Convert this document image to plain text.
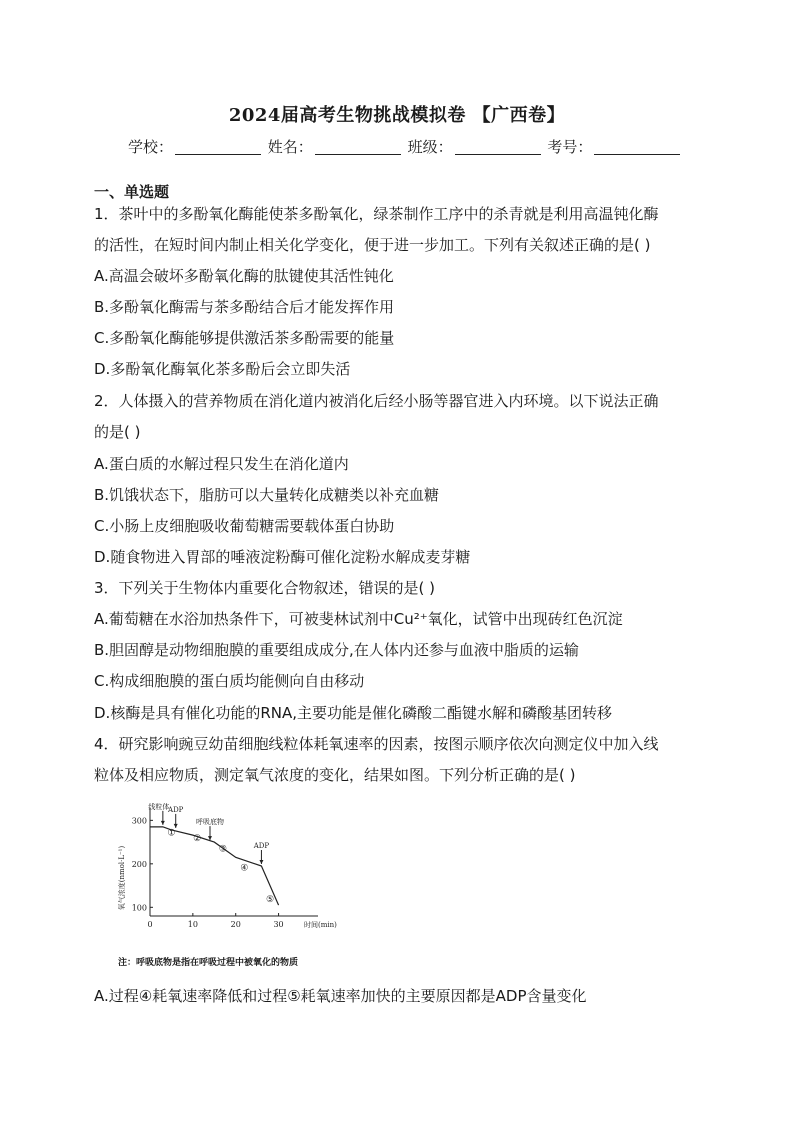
2024届高考生物挑战模拟卷 【广西卷】
学校：	姓名：	班级：	考号：
一、单选题
1．茶叶中的多酚氧化酶能使茶多酚氧化，绿茶制作工序中的杀青就是利用高温钝化酶
的活性，在短时间内制止相关化学变化，便于进一步加工。下列有关叙述正确的是( )
A.高温会破坏多酚氧化酶的肽键使其活性钝化
B.多酚氧化酶需与茶多酚结合后才能发挥作用
C.多酚氧化酶能够提供激活茶多酚需要的能量
D.多酚氧化酶氧化茶多酚后会立即失活
2．人体摄入的营养物质在消化道内被消化后经小肠等器官进入内环境。以下说法正确
的是( )
A.蛋白质的水解过程只发生在消化道内
B.饥饿状态下，脂肪可以大量转化成糖类以补充血糖
C.小肠上皮细胞吸收葡萄糖需要载体蛋白协助
D.随食物进入胃部的唾液淀粉酶可催化淀粉水解成麦芽糖
3．下列关于生物体内重要化合物叙述，错误的是( )
A.葡萄糖在水浴加热条件下，可被斐林试剂中Cu²⁺氧化，试管中出现砖红色沉淀
B.胆固醇是动物细胞膜的重要组成成分,在人体内还参与血液中脂质的运输
C.构成细胞膜的蛋白质均能侧向自由移动
D.核酶是具有催化功能的RNA,主要功能是催化磷酸二酯键水解和磷酸基团转移
4．研究影响豌豆幼苗细胞线粒体耗氧速率的因素，按图示顺序依次向测定仪中加入线
粒体及相应物质，测定氧气浓度的变化，结果如图。下列分析正确的是( )
0	10	20	30
100
200
300
时间(min)
氧气浓度(nmol·L⁻¹)
线粒体
ADP
呼吸底物
ADP
①
②
③
④
⑤
注：呼吸底物是指在呼吸过程中被氧化的物质
A.过程④耗氧速率降低和过程⑤耗氧速率加快的主要原因都是ADP含量变化
